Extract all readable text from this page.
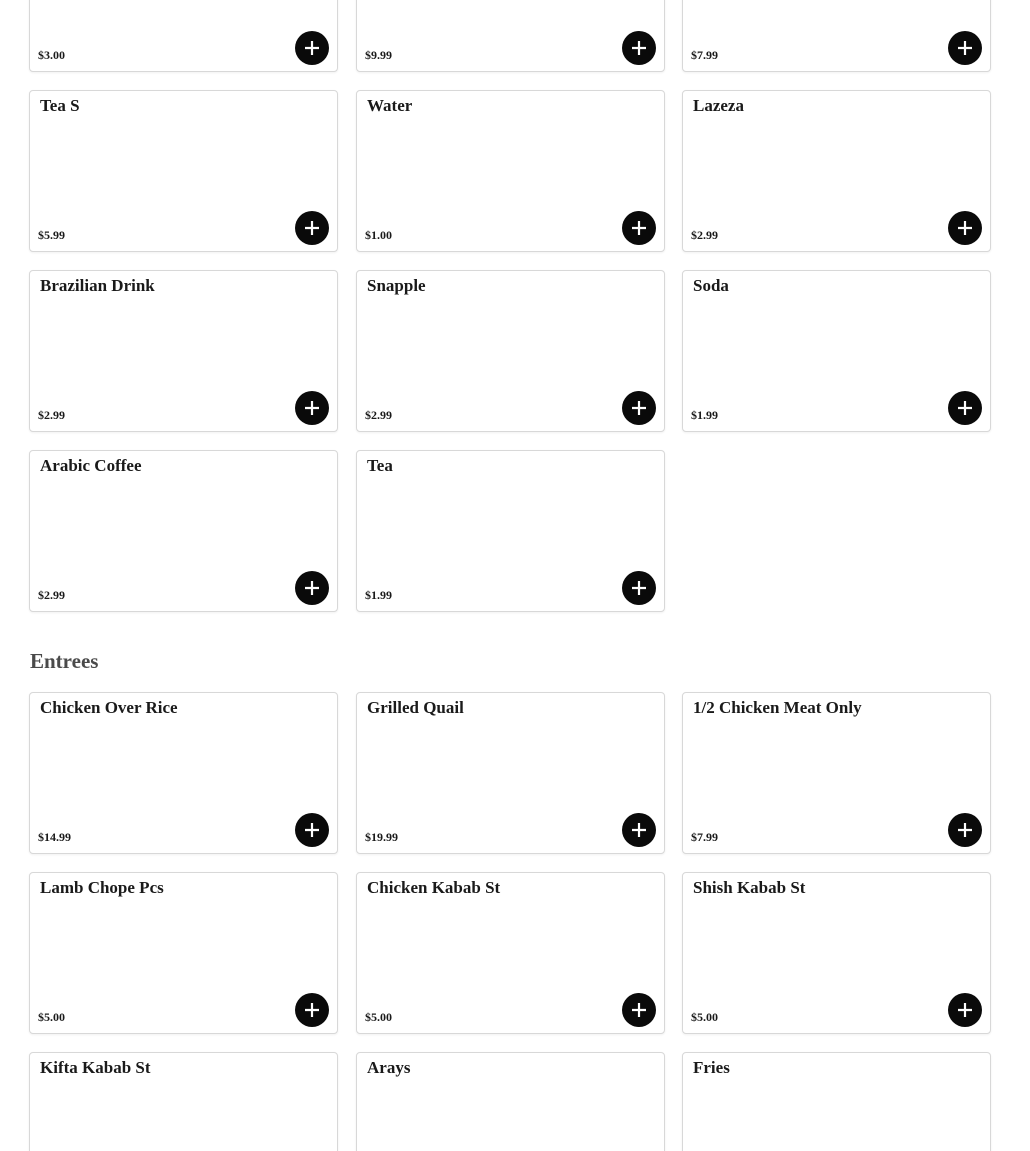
$3.00	$9.99	$7.99
Tea S
$5.99
Water
$1.00
Lazeza
$2.99
Brazilian Drink
$2.99
Snapple
$2.99
Soda
$1.99
Arabic Coffee
$2.99
Tea
$1.99
Entrees
Chicken Over Rice
$14.99
Grilled Quail
$19.99
1/2 Chicken Meat Only
$7.99
Lamb Chope Pcs
$5.00
Chicken Kabab St
$5.00
Shish Kabab St
$5.00
Kifta Kabab St	Arays	Fries
